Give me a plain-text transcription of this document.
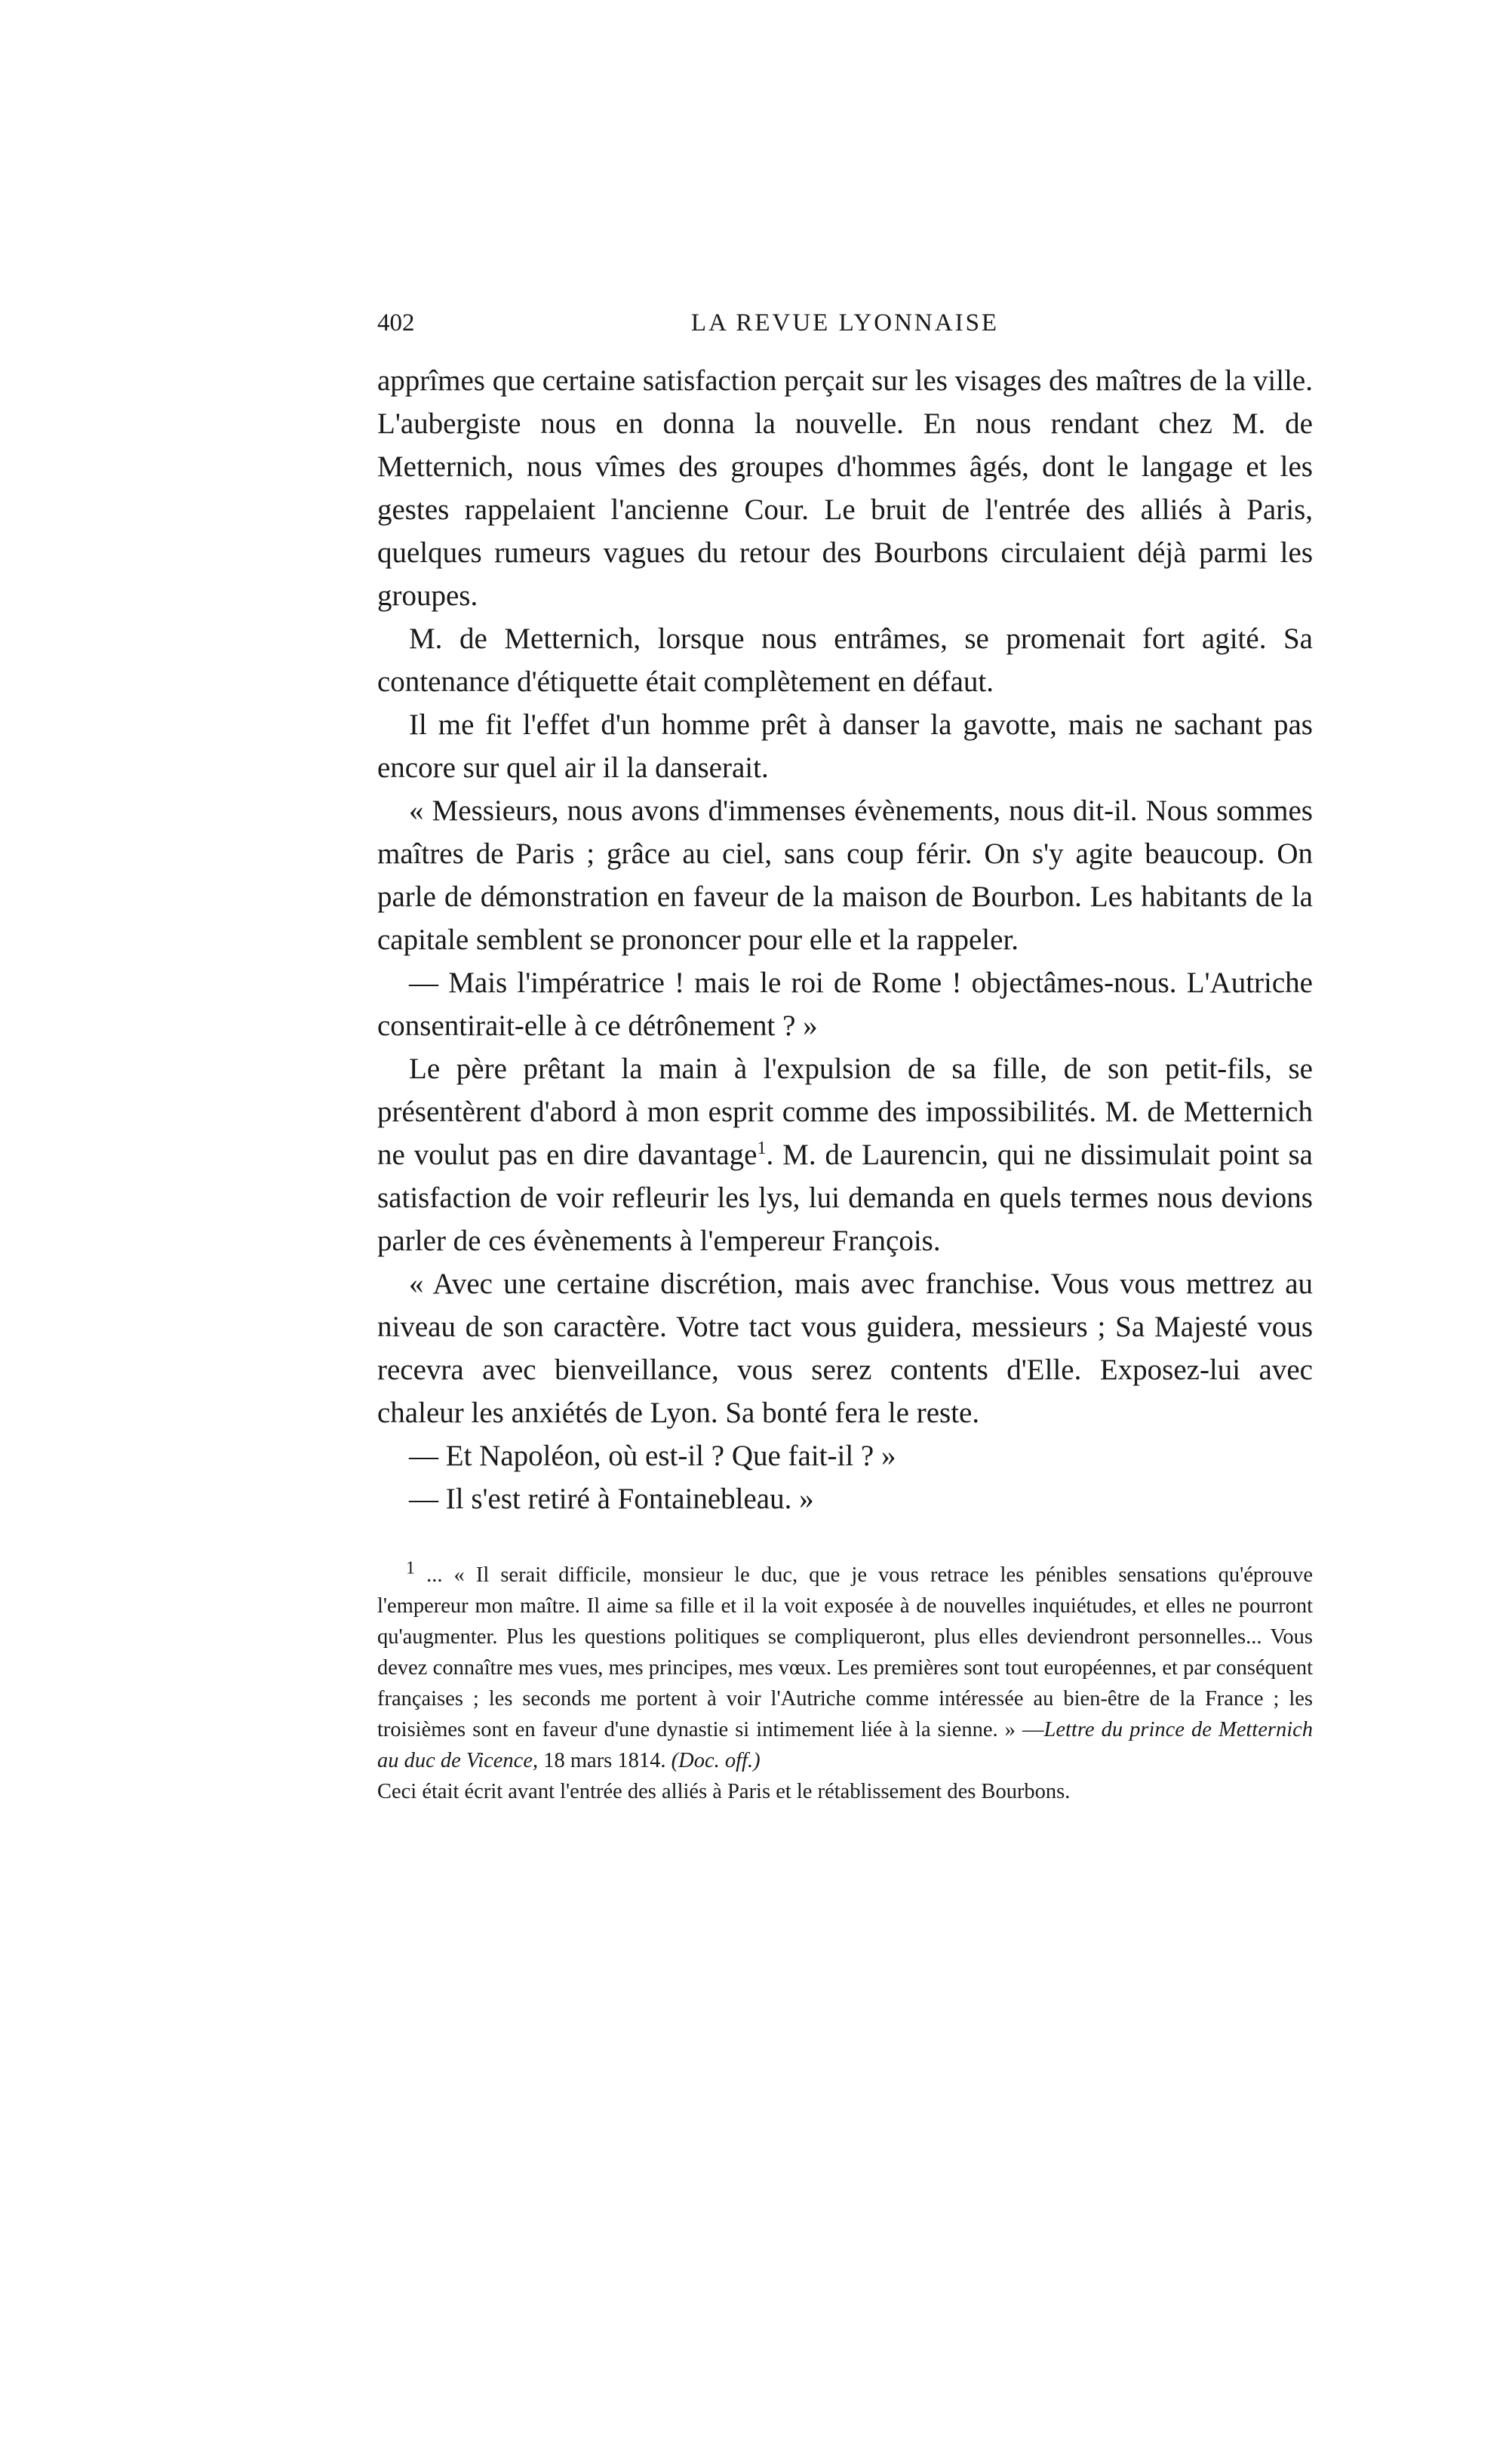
402	LA REVUE LYONNAISE

apprîmes que certaine satisfaction perçait sur les visages des maîtres de la ville. L'aubergiste nous en donna la nouvelle. En nous rendant chez M. de Metternich, nous vîmes des groupes d'hommes âgés, dont le langage et les gestes rappelaient l'ancienne Cour. Le bruit de l'entrée des alliés à Paris, quelques rumeurs vagues du retour des Bourbons circulaient déjà parmi les groupes.

M. de Metternich, lorsque nous entrâmes, se promenait fort agité. Sa contenance d'étiquette était complètement en défaut.

Il me fit l'effet d'un homme prêt à danser la gavotte, mais ne sachant pas encore sur quel air il la danserait.

« Messieurs, nous avons d'immenses évènements, nous dit-il. Nous sommes maîtres de Paris ; grâce au ciel, sans coup férir. On s'y agite beaucoup. On parle de démonstration en faveur de la maison de Bourbon. Les habitants de la capitale semblent se prononcer pour elle et la rappeler.

— Mais l'impératrice ! mais le roi de Rome ! objectâmes-nous. L'Autriche consentirait-elle à ce détrônement ? »

Le père prêtant la main à l'expulsion de sa fille, de son petit-fils, se présentèrent d'abord à mon esprit comme des impossibilités. M. de Metternich ne voulut pas en dire davantage$^1$. M. de Laurencin, qui ne dissimulait point sa satisfaction de voir refleurir les lys, lui demanda en quels termes nous devions parler de ces évènements à l'empereur François.

« Avec une certaine discrétion, mais avec franchise. Vous vous mettrez au niveau de son caractère. Votre tact vous guidera, messieurs ; Sa Majesté vous recevra avec bienveillance, vous serez contents d'Elle. Exposez-lui avec chaleur les anxiétés de Lyon. Sa bonté fera le reste.

— Et Napoléon, où est-il ? Que fait-il ? »

— Il s'est retiré à Fontainebleau. »

$^1$ ... « Il serait difficile, monsieur le duc, que je vous retrace les pénibles sensations qu'éprouve l'empereur mon maître. Il aime sa fille et il la voit exposée à de nouvelles inquiétudes, et elles ne pourront qu'augmenter. Plus les questions politiques se compliqueront, plus elles deviendront personnelles... Vous devez connaître mes vues, mes principes, mes vœux. Les premières sont tout européennes, et par conséquent françaises ; les seconds me portent à voir l'Autriche comme intéressée au bien-être de la France ; les troisièmes sont en faveur d'une dynastie si intimement liée à la sienne. » —Lettre du prince de Metternich au duc de Vicence, 18 mars 1814. (Doc. off.)

Ceci était écrit avant l'entrée des alliés à Paris et le rétablissement des Bourbons.
